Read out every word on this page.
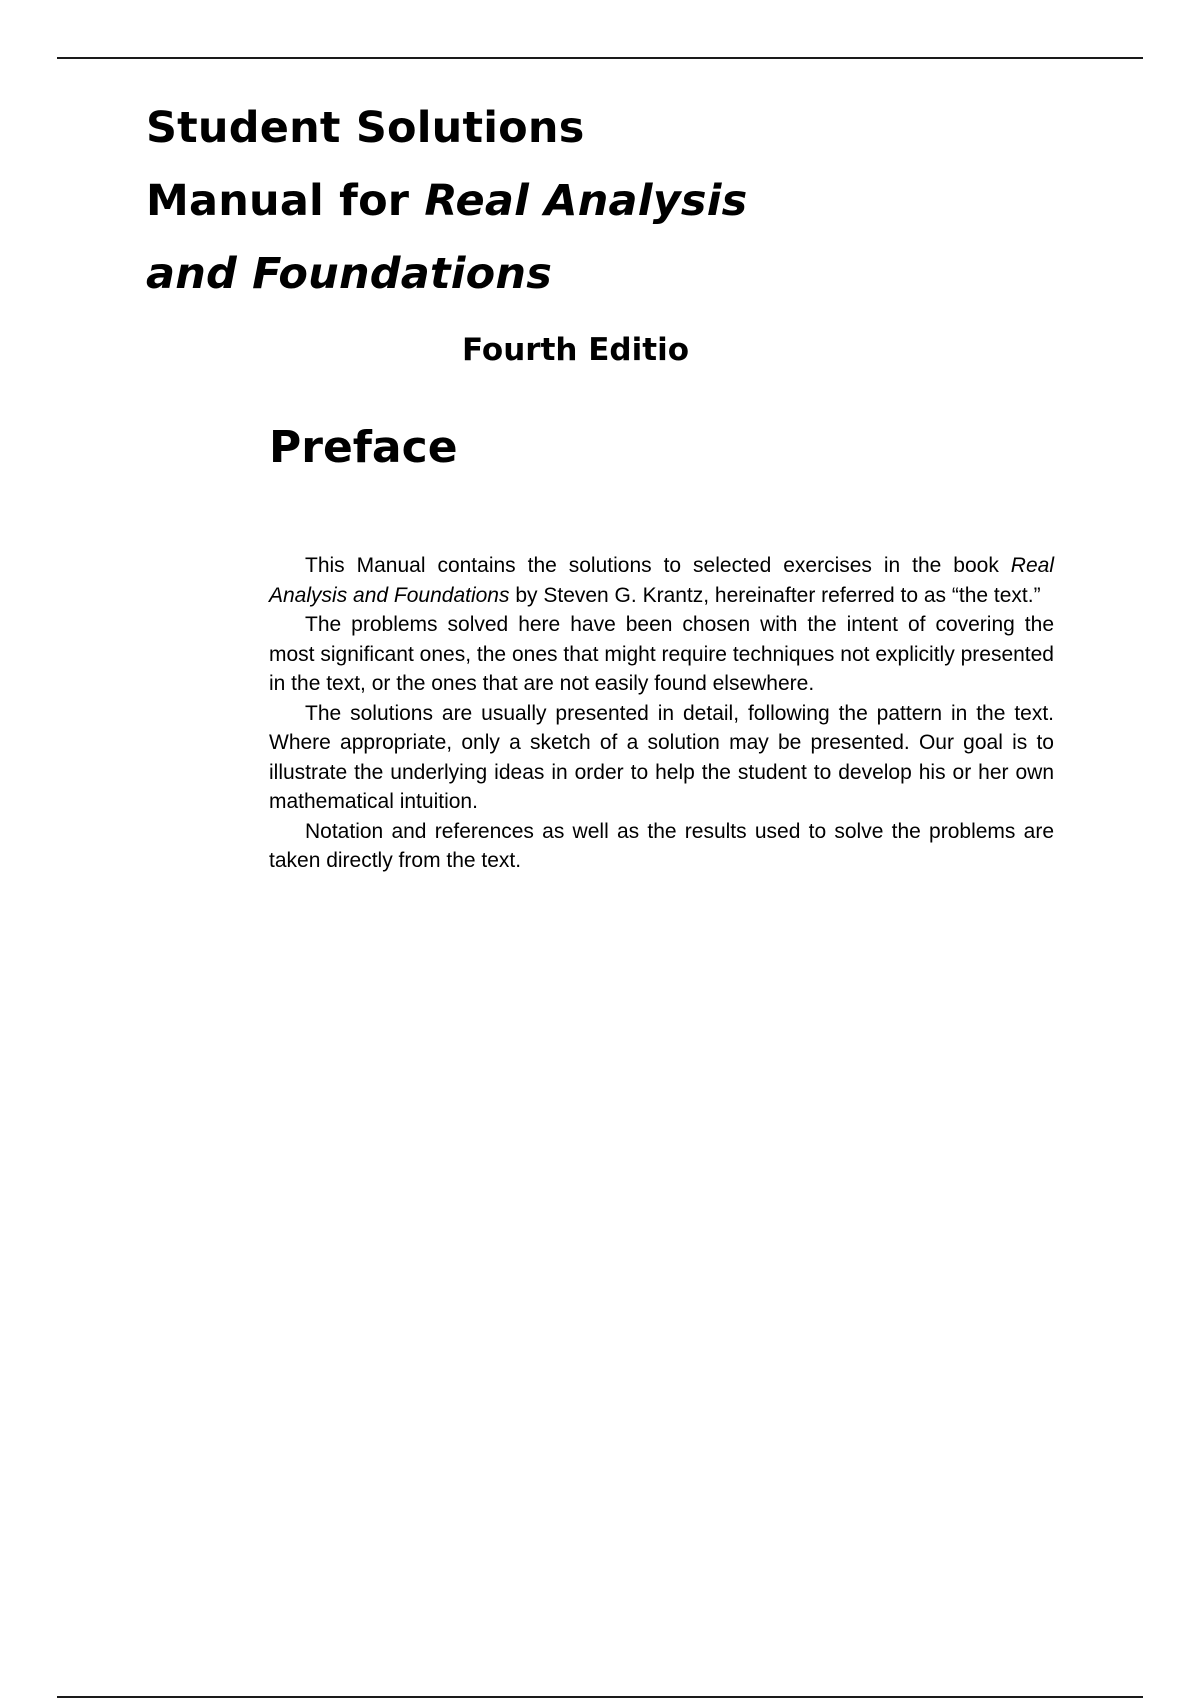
Student Solutions
Manual for Real Analysis
and Foundations
Fourth Editio
Preface

This Manual contains the solutions to selected exercises in the book Real Analysis and Foundations by Steven G. Krantz, hereinafter referred to as “the text.”

The problems solved here have been chosen with the intent of covering the most significant ones, the ones that might require techniques not explicitly presented in the text, or the ones that are not easily found elsewhere.

The solutions are usually presented in detail, following the pattern in the text. Where appropriate, only a sketch of a solution may be presented. Our goal is to illustrate the underlying ideas in order to help the student to develop his or her own mathematical intuition.

Notation and references as well as the results used to solve the problems are taken directly from the text.
